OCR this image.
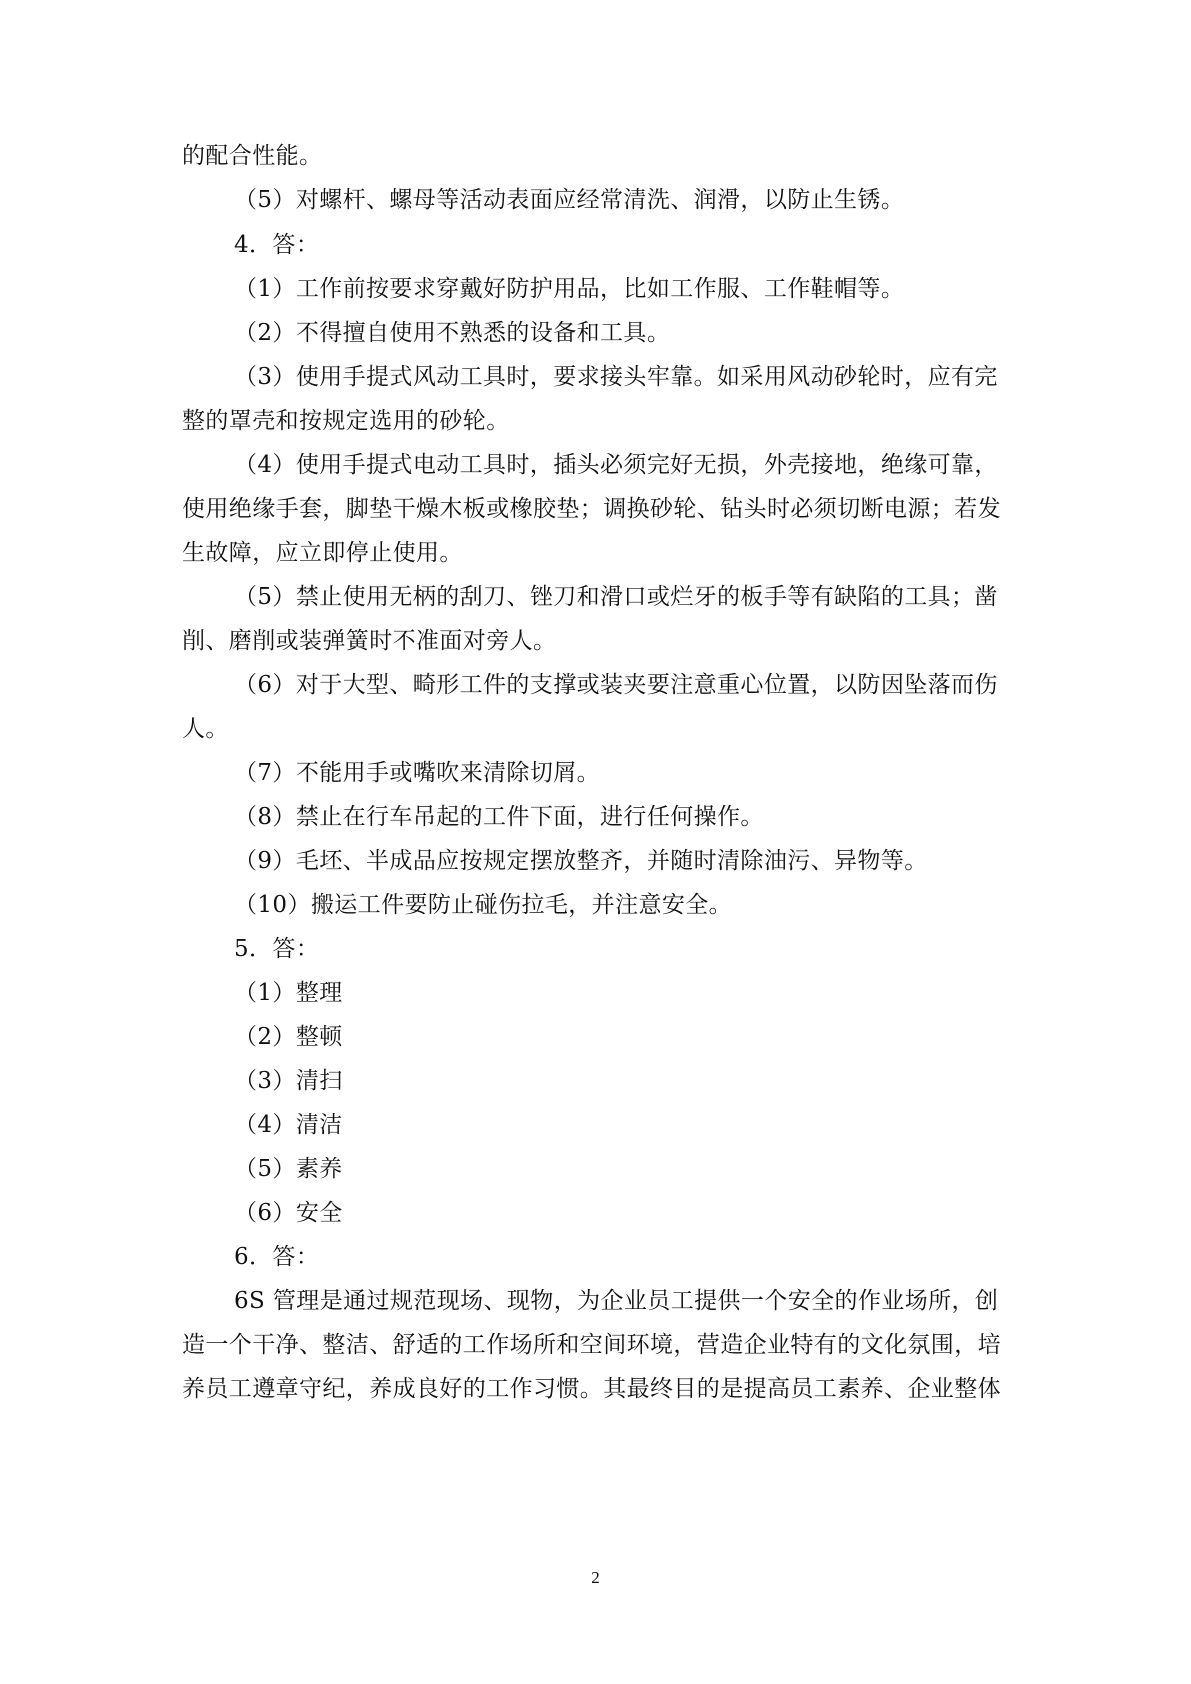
的配合性能。
（5）对螺杆、螺母等活动表面应经常清洗、润滑，以防止生锈。
4．答：
（1）工作前按要求穿戴好防护用品，比如工作服、工作鞋帽等。
（2）不得擅自使用不熟悉的设备和工具。
（3）使用手提式风动工具时，要求接头牢靠。如采用风动砂轮时，应有完
整的罩壳和按规定选用的砂轮。
（4）使用手提式电动工具时，插头必须完好无损，外壳接地，绝缘可靠，
使用绝缘手套，脚垫干燥木板或橡胶垫；调换砂轮、钻头时必须切断电源；若发
生故障，应立即停止使用。
（5）禁止使用无柄的刮刀、锉刀和滑口或烂牙的板手等有缺陷的工具；凿
削、磨削或装弹簧时不准面对旁人。
（6）对于大型、畸形工件的支撑或装夹要注意重心位置，以防因坠落而伤
人。
（7）不能用手或嘴吹来清除切屑。
（8）禁止在行车吊起的工件下面，进行任何操作。
（9）毛坯、半成品应按规定摆放整齐，并随时清除油污、异物等。
（10）搬运工件要防止碰伤拉毛，并注意安全。
5．答：
（1）整理
（2）整顿
（3）清扫
（4）清洁
（5）素养
（6）安全
6．答：
6S 管理是通过规范现场、现物，为企业员工提供一个安全的作业场所，创
造一个干净、整洁、舒适的工作场所和空间环境，营造企业特有的文化氛围，培
养员工遵章守纪，养成良好的工作习惯。其最终目的是提高员工素养、企业整体
2
